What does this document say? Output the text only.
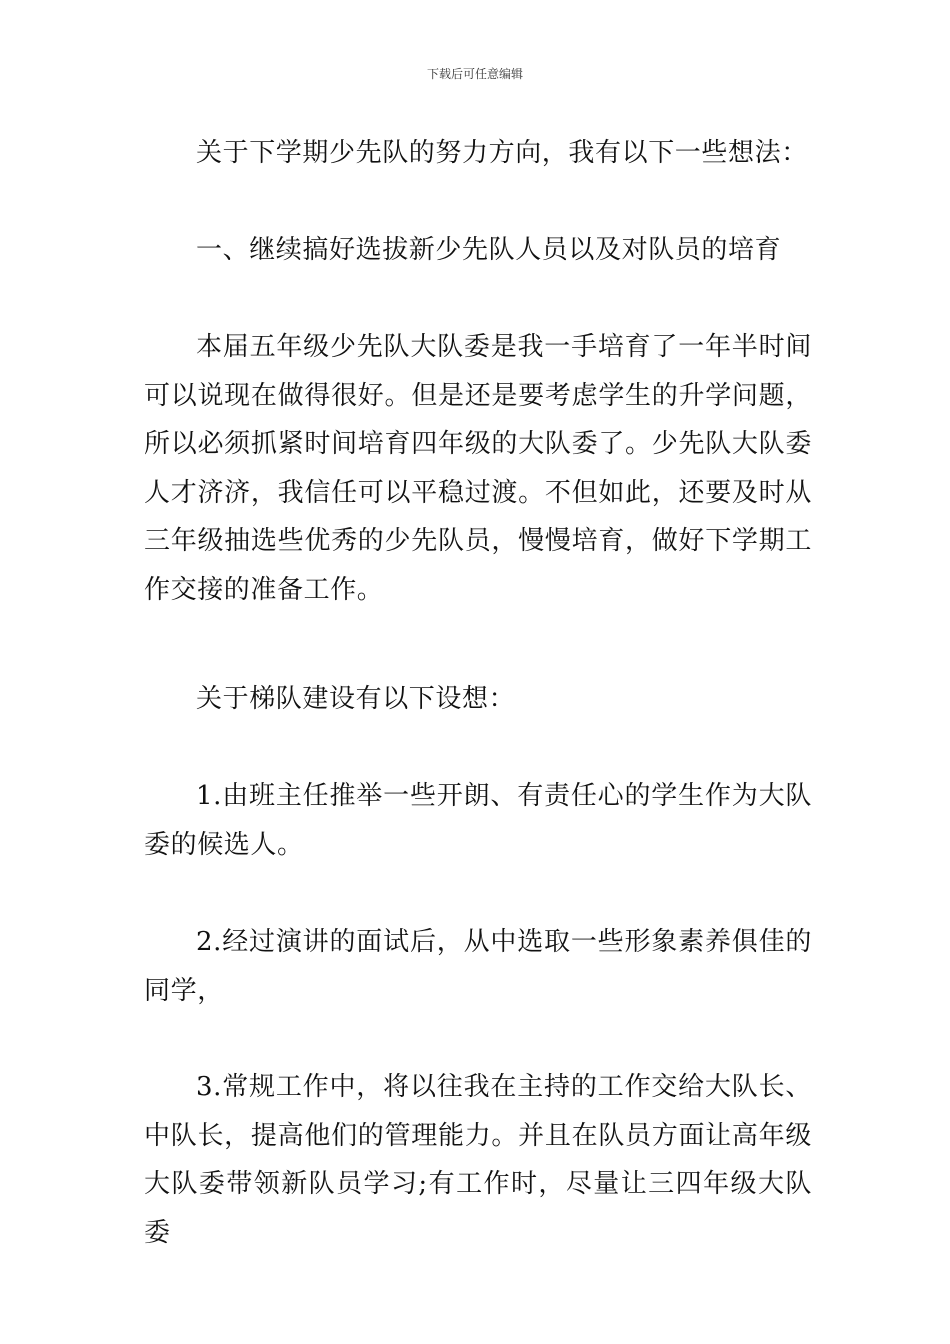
下载后可任意编辑

关于下学期少先队的努力方向，我有以下一些想法：

一、继续搞好选拔新少先队人员以及对队员的培育

本届五年级少先队大队委是我一手培育了一年半时间可以说现在做得很好。但是还是要考虑学生的升学问题，所以必须抓紧时间培育四年级的大队委了。少先队大队委人才济济，我信任可以平稳过渡。不但如此，还要及时从三年级抽选些优秀的少先队员，慢慢培育，做好下学期工作交接的准备工作。

关于梯队建设有以下设想：

1.由班主任推举一些开朗、有责任心的学生作为大队委的候选人。

2.经过演讲的面试后，从中选取一些形象素养俱佳的同学，

3.常规工作中，将以往我在主持的工作交给大队长、中队长，提高他们的管理能力。并且在队员方面让高年级大队委带领新队员学习;有工作时，尽量让三四年级大队委
